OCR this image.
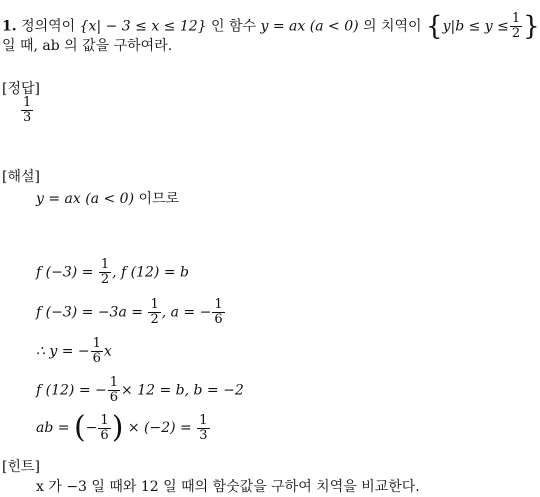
1. 정의역이 {x| − 3 ≤ x ≤ 12} 인 함수 y = ax (a < 0) 의 치역이 {$y|b \le y \le \frac{1}{2}$ }
일 때, ab 의 값을 구하여라.
[정답]
$\frac{1}{3}$
[해설]
y = ax (a < 0) 이므로
f $(-3) = \frac{1}{2}$ , f (12) = b
f $(-3) = -3a = \frac{1}{2}$ , a = − $\frac{1}{6}$
∴ y = − $\frac{1}{6}$ x
f (12) = − $\frac{1}{6} \times 12 = b$, b = −2
ab = (− $\frac{1}{6}$ ) × $(-2) = \frac{1}{3}$
[힌트]
x 가 −3 일 때와 12 일 때의 함숫값을 구하여 치역을 비교한다.
